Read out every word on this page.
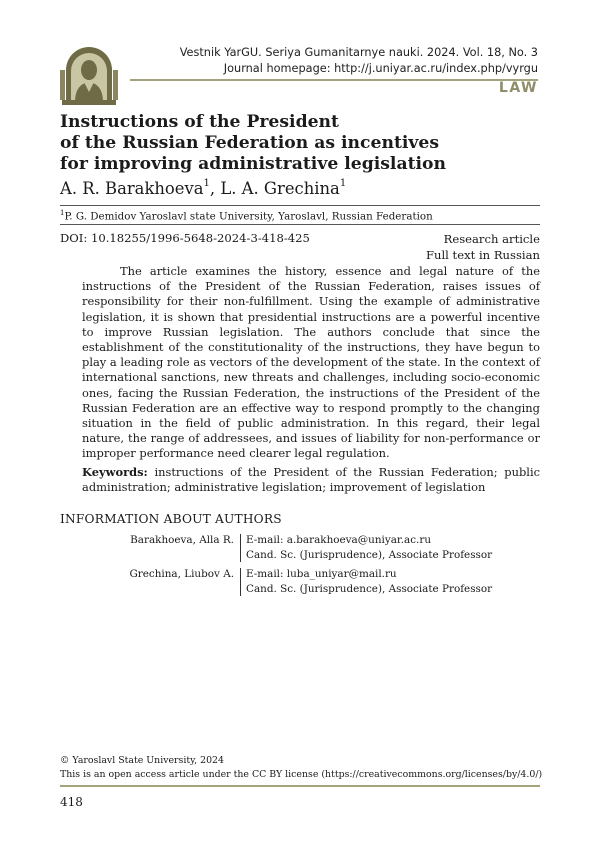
Vestnik YarGU. Seriya Gumanitarnye nauki. 2024. Vol. 18, No. 3
Journal homepage: http://j.uniyar.ac.ru/index.php/vyrgu
LAW
Instructions of the President
of the Russian Federation as incentives
for improving administrative legislation
A. R. Barakhoeva$^1$, L. A. Grechina$^1$
$^1$P. G. Demidov Yaroslavl state University, Yaroslavl, Russian Federation
DOI: 10.18255/1996-5648-2024-3-418-425	Research article
Full text in Russian
The article examines the history, essence and legal nature of the instructions of the President of the Russian Federation, raises issues of responsibility for their non-fulfillment. Using the example of administrative legislation, it is shown that presidential instructions are a powerful incentive to improve Russian legislation. The authors conclude that since the establishment of the constitutionality of the instructions, they have begun to play a leading role as vectors of the development of the state. In the context of international sanctions, new threats and challenges, including socio-economic ones, facing the Russian Federation, the instructions of the President of the Russian Federation are an effective way to respond promptly to the changing situation in the field of public administration. In this regard, their legal nature, the range of addressees, and issues of liability for non-performance or improper performance need clearer legal regulation.
Keywords: instructions of the President of the Russian Federation; public administration; administrative legislation; improvement of legislation
INFORMATION ABOUT AUTHORS
Barakhoeva, Alla R. E-mail: a.barakhoeva@uniyar.ac.ru
Cand. Sc. (Jurisprudence), Associate Professor
Grechina, Liubov A. E-mail: luba_uniyar@mail.ru
Cand. Sc. (Jurisprudence), Associate Professor
© Yaroslavl State University, 2024
This is an open access article under the CC BY license (https://creativecommons.org/licenses/by/4.0/)
418
